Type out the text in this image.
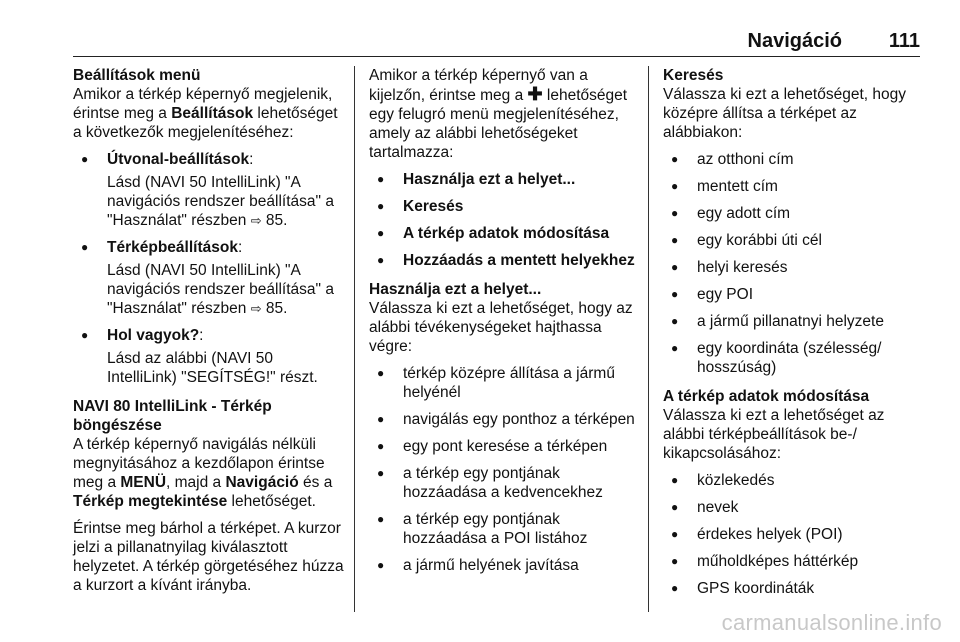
Navigáció 111
Beállítások menü

Amikor a térkép képernyő megjelenik, érintse meg a Beállítások lehetőséget a következők megjelenítéséhez:

● Útvonal-beállítások:
Lásd (NAVI 50 IntelliLink) "A navigációs rendszer beállítása" a "Használat" részben ⇨ 85.
● Térképbeállítások:
Lásd (NAVI 50 IntelliLink) "A navigációs rendszer beállítása" a "Használat" részben ⇨ 85.
● Hol vagyok?:
Lásd az alábbi (NAVI 50 IntelliLink) "SEGÍTSÉG!" részt.
NAVI 80 IntelliLink - Térkép böngészése

A térkép képernyő navigálás nélküli megnyitásához a kezdőlapon érintse meg a MENÜ, majd a Navigáció és a Térkép megtekintése lehetőséget.

Érintse meg bárhol a térképet. A kurzor jelzi a pillanatnyilag kiválasztott helyzetet. A térkép görgetéséhez húzza a kurzort a kívánt irányba.

Amikor a térkép képernyő van a kijelzőn, érintse meg a ✚ lehetőséget egy felugró menü megjelenítéséhez, amely az alábbi lehetőségeket tartalmazza:

● Használja ezt a helyet...
● Keresés
● A térkép adatok módosítása
● Hozzáadás a mentett helyekhez
Használja ezt a helyet...

Válassza ki ezt a lehetőséget, hogy az alábbi tévékenységeket hajthassa végre:

● térkép középre állítása a jármű helyénél
● navigálás egy ponthoz a térképen
● egy pont keresése a térképen
● a térkép egy pontjának hozzáadása a kedvencekhez
● a térkép egy pontjának hozzáadása a POI listához
● a jármű helyének javítása
Keresés

Válassza ki ezt a lehetőséget, hogy középre állítsa a térképet az alábbiakon:

● az otthoni cím
● mentett cím
● egy adott cím
● egy korábbi úti cél
● helyi keresés
● egy POI
● a jármű pillanatnyi helyzete
● egy koordináta (szélesség/ hosszúság)
A térkép adatok módosítása

Válassza ki ezt a lehetőséget az alábbi térképbeállítások be-/ kikapcsolásához:

● közlekedés
● nevek
● érdekes helyek (POI)
● műholdképes háttérkép
● GPS koordináták
carmanualsonline.info
